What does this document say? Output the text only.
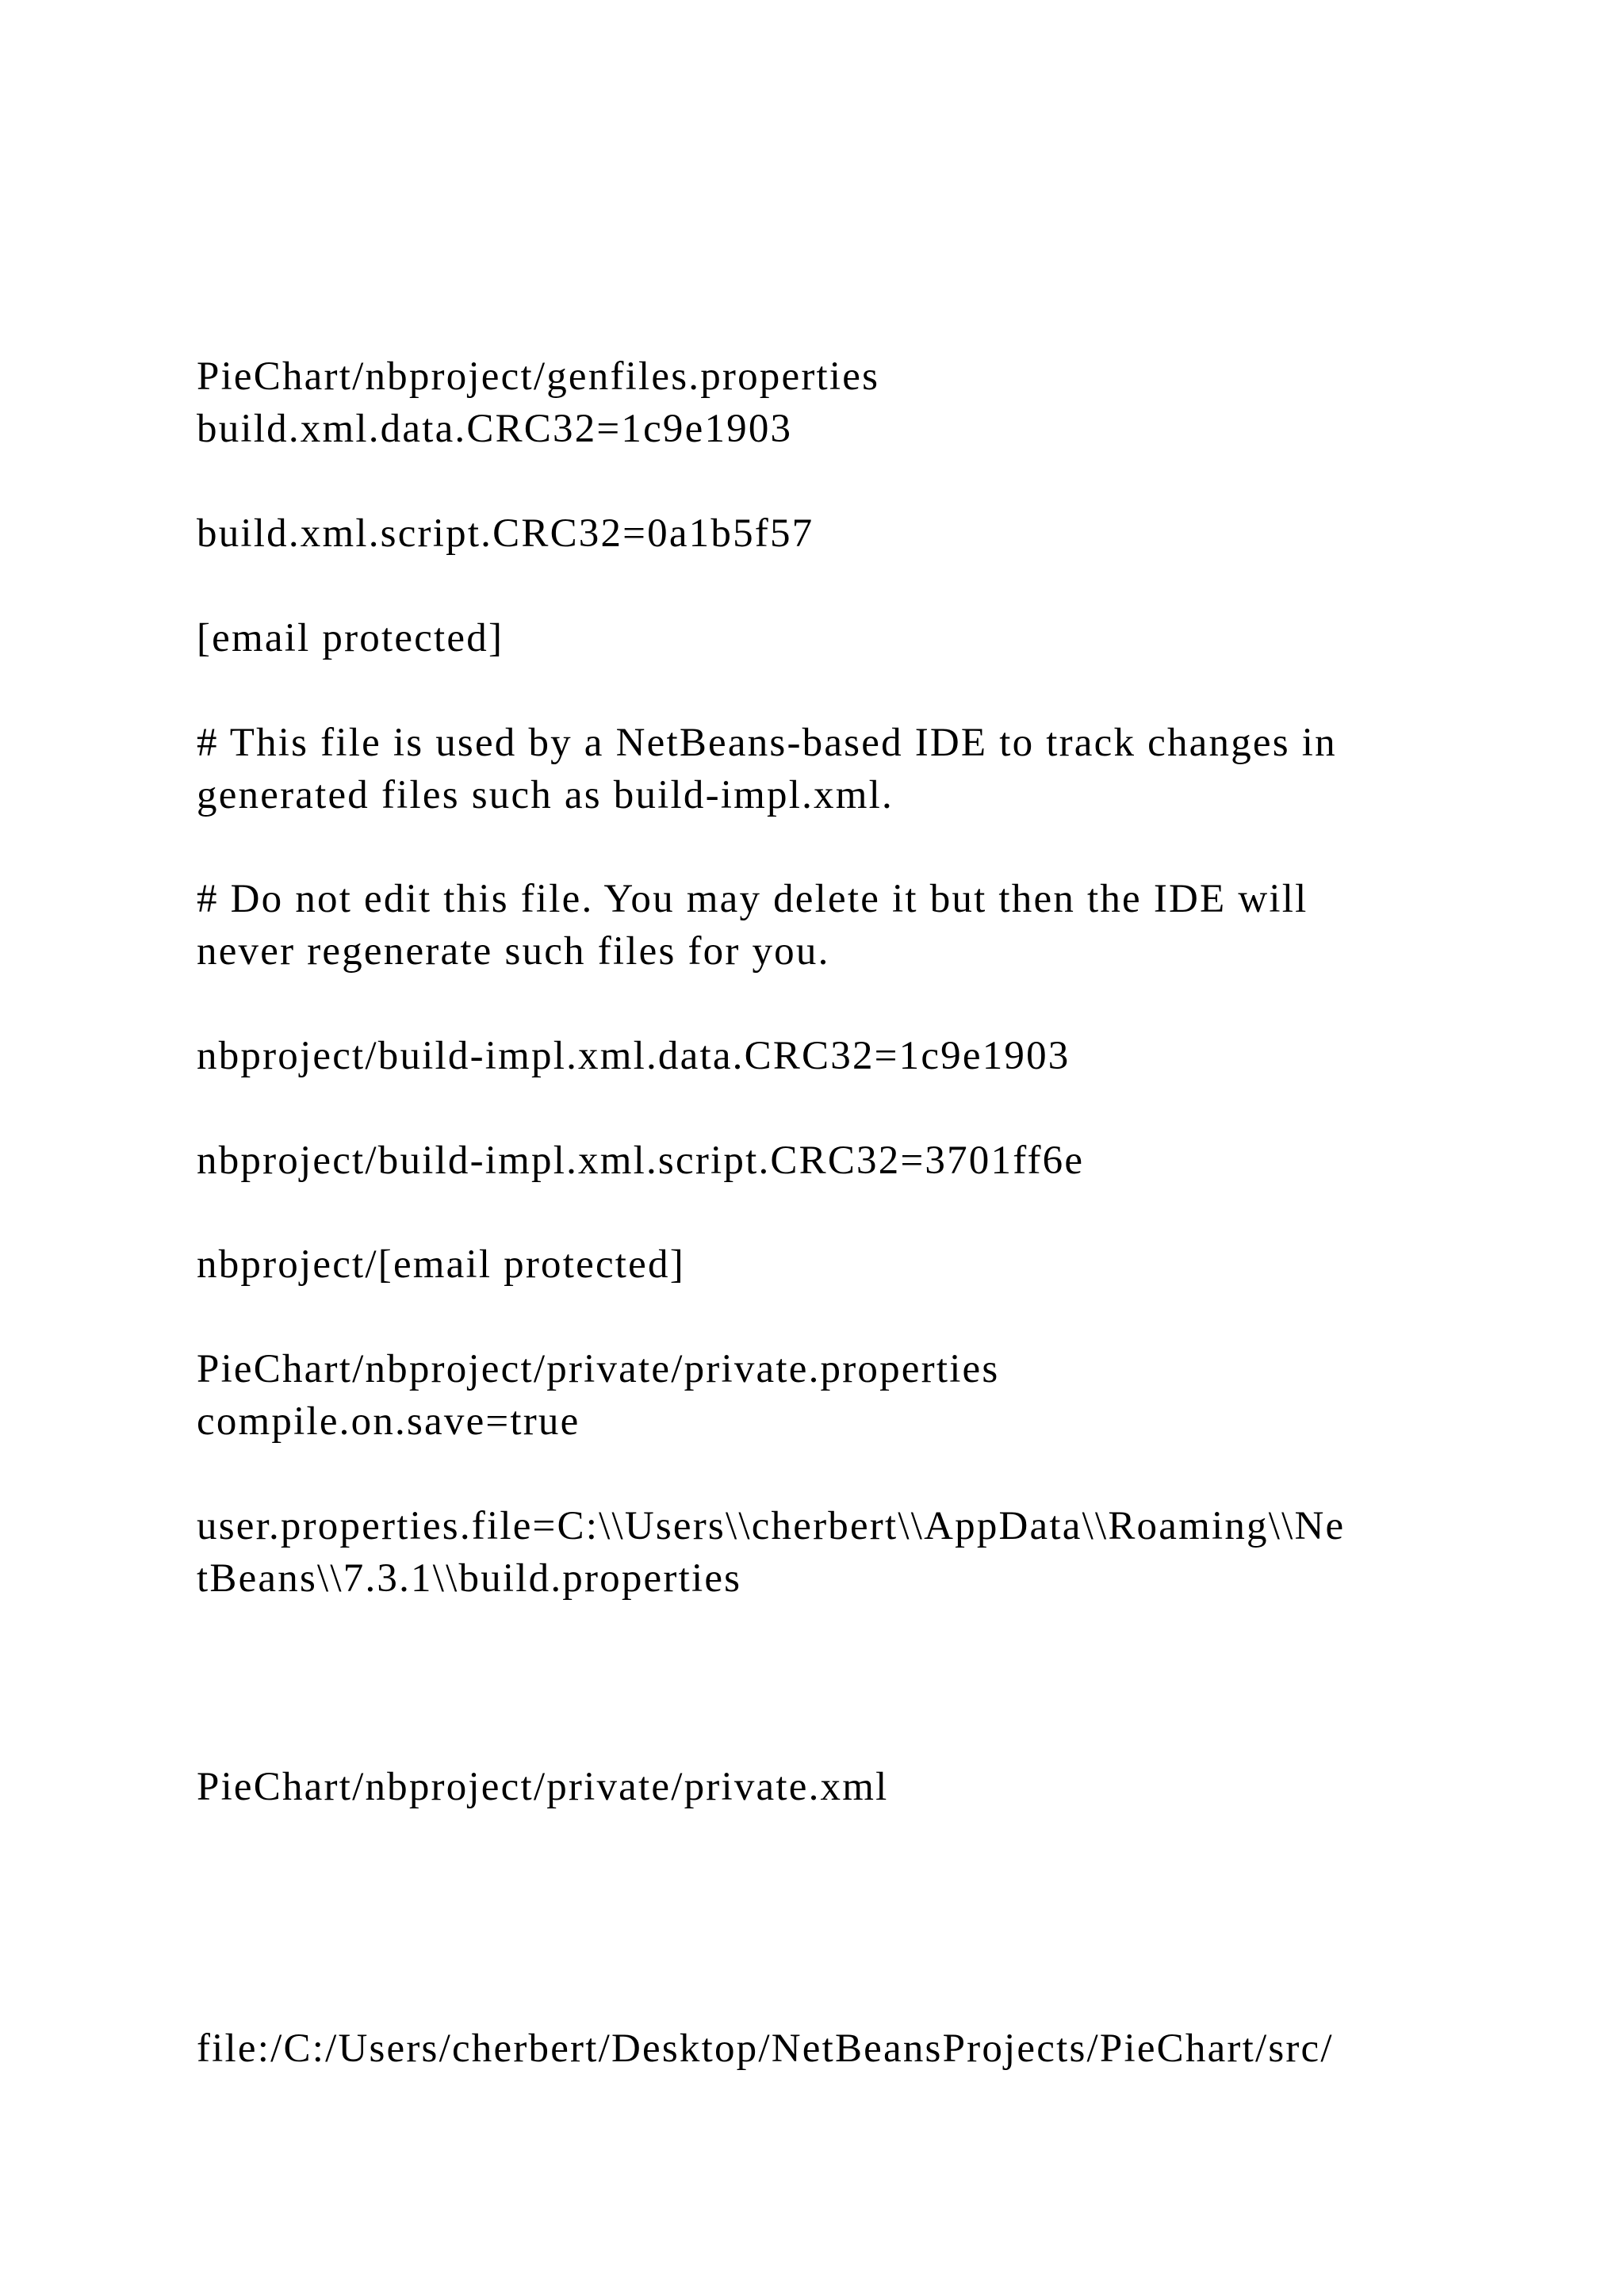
PieChart/nbproject/genfiles.properties

build.xml.data.CRC32=1c9e1903

build.xml.script.CRC32=0a1b5f57

[email protected]

# This file is used by a NetBeans-based IDE to track changes in

generated files such as build-impl.xml.

# Do not edit this file. You may delete it but then the IDE will

never regenerate such files for you.

nbproject/build-impl.xml.data.CRC32=1c9e1903

nbproject/build-impl.xml.script.CRC32=3701ff6e

nbproject/[email protected]

PieChart/nbproject/private/private.properties

compile.on.save=true

user.properties.file=C:\\Users\\cherbert\\AppData\\Roaming\\Ne

tBeans\\7.3.1\\build.properties

PieChart/nbproject/private/private.xml

file:/C:/Users/cherbert/Desktop/NetBeansProjects/PieChart/src/
